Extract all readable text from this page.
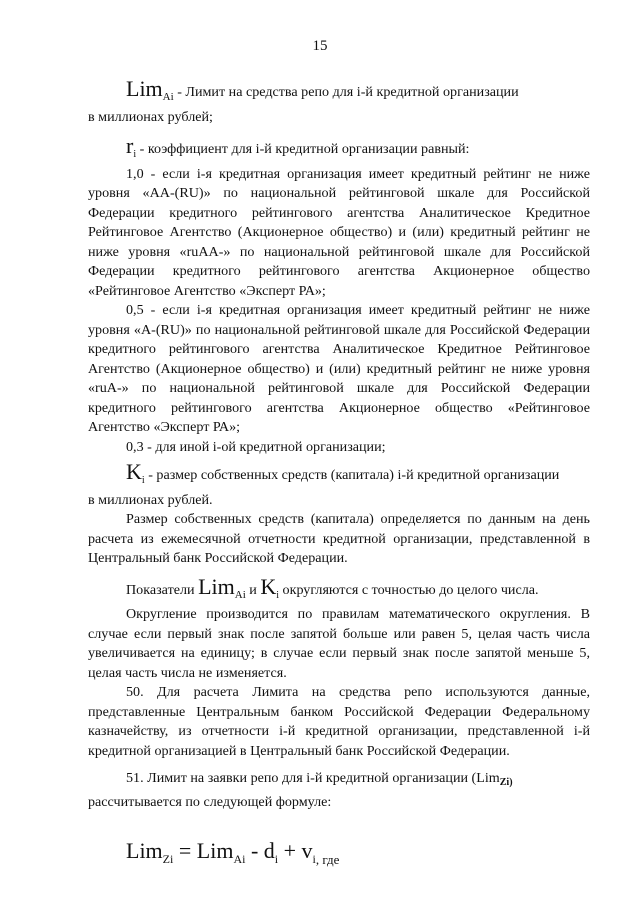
15

Lim$_{Ai}$ - Лимит на средства репо для i-й кредитной организации

в миллионах рублей;

$r_i$ - коэффициент для i-й кредитной организации равный:

1,0 - если i-я кредитная организация имеет кредитный рейтинг не ниже уровня «АА-(RU)» по национальной рейтинговой шкале для Российской Федерации кредитного рейтингового агентства Аналитическое Кредитное Рейтинговое Агентство (Акционерное общество) и (или) кредитный рейтинг не ниже уровня «ruAA-» по национальной рейтинговой шкале для Российской Федерации кредитного рейтингового агентства Акционерное общество «Рейтинговое Агентство «Эксперт РА»;

0,5 - если i-я кредитная организация имеет кредитный рейтинг не ниже уровня «А-(RU)» по национальной рейтинговой шкале для Российской Федерации кредитного рейтингового агентства Аналитическое Кредитное Рейтинговое Агентство (Акционерное общество) и (или) кредитный рейтинг не ниже уровня «ruA-» по национальной рейтинговой шкале для Российской Федерации кредитного рейтингового агентства Акционерное общество «Рейтинговое Агентство «Эксперт РА»;

0,3 - для иной i-ой кредитной организации;

$K_i$ - размер собственных средств (капитала) i-й кредитной организации

в миллионах рублей.

Размер собственных средств (капитала) определяется по данным на день расчета из ежемесячной отчетности кредитной организации, представленной в Центральный банк Российской Федерации.

Показатели Lim$_{Ai}$ и $K_i$ округляются с точностью до целого числа.

Округление производится по правилам математического округления. В случае если первый знак после запятой больше или равен 5, целая часть числа увеличивается на единицу; в случае если первый знак после запятой меньше 5, целая часть числа не изменяется.

50. Для расчета Лимита на средства репо используются данные, представленные Центральным банком Российской Федерации Федеральному казначейству, из отчетности i-й кредитной организации, представленной i-й кредитной организацией в Центральный банк Российской Федерации.

51. Лимит на заявки репо для i-й кредитной организации (Lim$_{Zi)}$

рассчитывается по следующей формуле:

$Lim_{Zi} = Lim_{Ai} - d_i + v_{i, где}$
